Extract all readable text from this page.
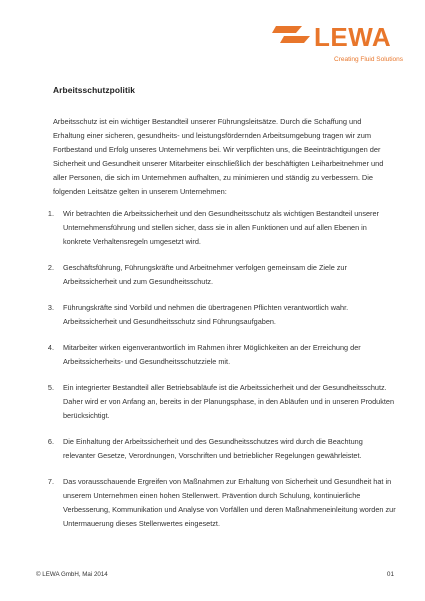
LEWA
Creating Fluid Solutions
Arbeitsschutzpolitik
Arbeitsschutz ist ein wichtiger Bestandteil unserer Führungsleitsätze. Durch die Schaffung und Erhaltung einer sicheren, gesundheits- und leistungsfördernden Arbeitsumgebung tragen wir zum Fortbestand und Erfolg unseres Unternehmens bei. Wir verpflichten uns, die Beeinträchtigungen der Sicherheit und Gesundheit unserer Mitarbeiter einschließlich der beschäftigten Leiharbeitnehmer und aller Personen, die sich im Unternehmen aufhalten, zu minimieren und ständig zu verbessern. Die folgenden Leitsätze gelten in unserem Unternehmen:
1. Wir betrachten die Arbeitssicherheit und den Gesundheitsschutz als wichtigen Bestandteil unserer Unternehmensführung und stellen sicher, dass sie in allen Funktionen und auf allen Ebenen in konkrete Verhaltensregeln umgesetzt wird.
2. Geschäftsführung, Führungskräfte und Arbeitnehmer verfolgen gemeinsam die Ziele zur Arbeitssicherheit und zum Gesundheitsschutz.
3. Führungskräfte sind Vorbild und nehmen die übertragenen Pflichten verantwortlich wahr. Arbeitssicherheit und Gesundheitsschutz sind Führungsaufgaben.
4. Mitarbeiter wirken eigenverantwortlich im Rahmen ihrer Möglichkeiten an der Erreichung der Arbeitssicherheits- und Gesundheitsschutzziele mit.
5. Ein integrierter Bestandteil aller Betriebsabläufe ist die Arbeitssicherheit und der Gesundheitsschutz. Daher wird er von Anfang an, bereits in der Planungsphase, in den Abläufen und in unseren Produkten berücksichtigt.
6. Die Einhaltung der Arbeitssicherheit und des Gesundheitsschutzes wird durch die Beachtung relevanter Gesetze, Verordnungen, Vorschriften und betrieblicher Regelungen gewährleistet.
7. Das vorausschauende Ergreifen von Maßnahmen zur Erhaltung von Sicherheit und Gesundheit hat in unserem Unternehmen einen hohen Stellenwert. Prävention durch Schulung, kontinuierliche Verbesserung, Kommunikation und Analyse von Vorfällen und deren Maßnahmeneinleitung worden zur Untermauerung dieses Stellenwertes eingesetzt.
© LEWA GmbH, Mai 2014	01
